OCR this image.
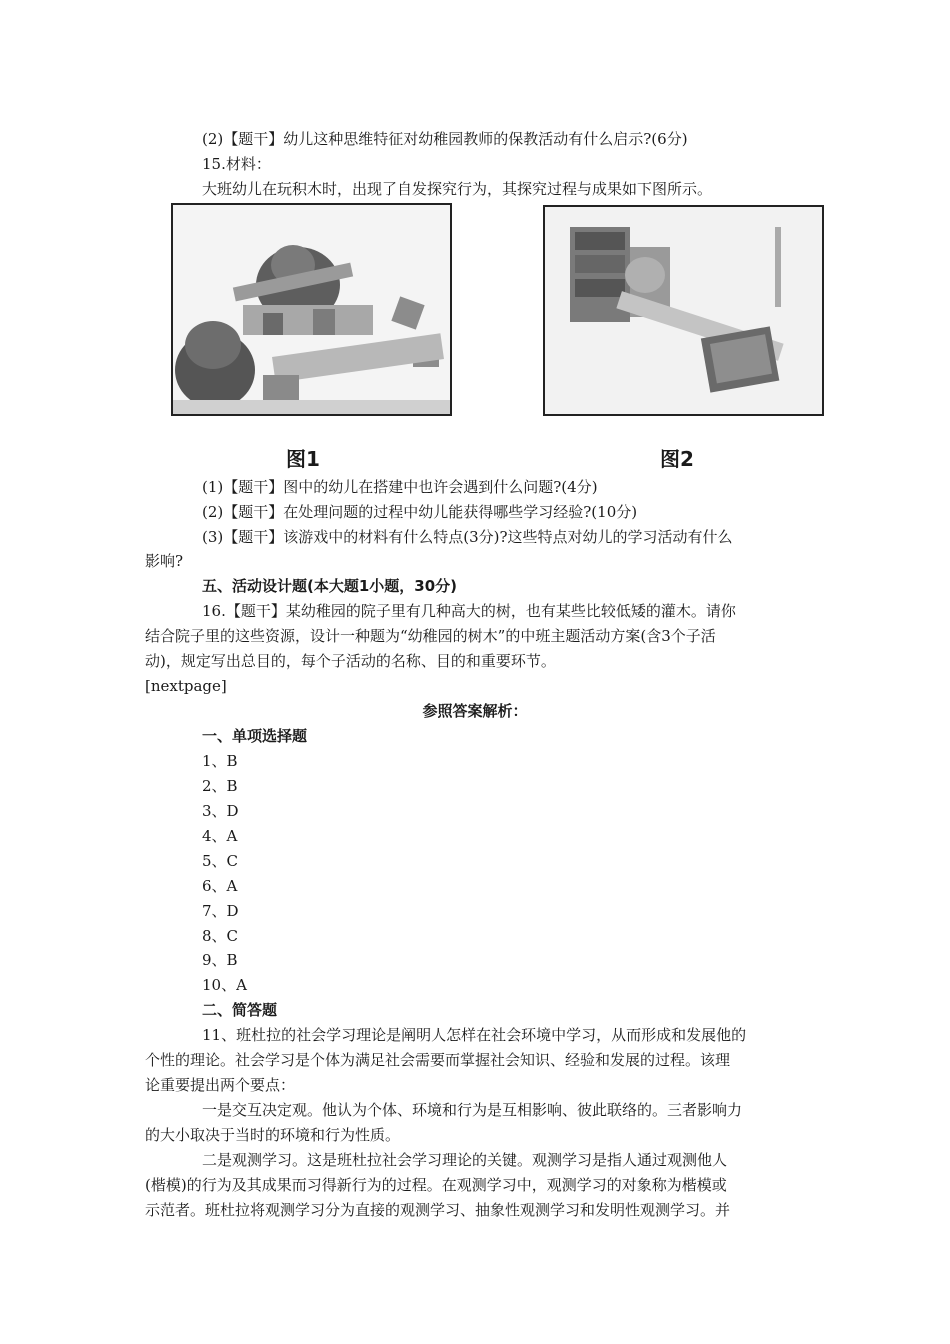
(2)【题干】幼儿这种思维特征对幼稚园教师的保教活动有什么启示?(6分)
15.材料：
大班幼儿在玩积木时，出现了自发探究行为，其探究过程与成果如下图所示。
图1	图2
(1)【题干】图中的幼儿在搭建中也许会遇到什么问题?(4分)
(2)【题干】在处理问题的过程中幼儿能获得哪些学习经验?(10分)
(3)【题干】该游戏中的材料有什么特点(3分)?这些特点对幼儿的学习活动有什么
影响?
五、活动设计题(本大题1小题，30分)
16.【题干】某幼稚园的院子里有几种高大的树，也有某些比较低矮的灌木。请你
结合院子里的这些资源，设计一种题为“幼稚园的树木”的中班主题活动方案(含3个子活
动)，规定写出总目的，每个子活动的名称、目的和重要环节。
[nextpage]
参照答案解析：
一、单项选择题
1、B
2、B
3、D
4、A
5、C
6、A
7、D
8、C
9、B
10、A
二、简答题
11、班杜拉的社会学习理论是阐明人怎样在社会环境中学习，从而形成和发展他的
个性的理论。社会学习是个体为满足社会需要而掌握社会知识、经验和发展的过程。该理
论重要提出两个要点：
一是交互决定观。他认为个体、环境和行为是互相影响、彼此联络的。三者影响力
的大小取决于当时的环境和行为性质。
二是观测学习。这是班杜拉社会学习理论的关键。观测学习是指人通过观测他人
(楷模)的行为及其成果而习得新行为的过程。在观测学习中，观测学习的对象称为楷模或
示范者。班杜拉将观测学习分为直接的观测学习、抽象性观测学习和发明性观测学习。并
